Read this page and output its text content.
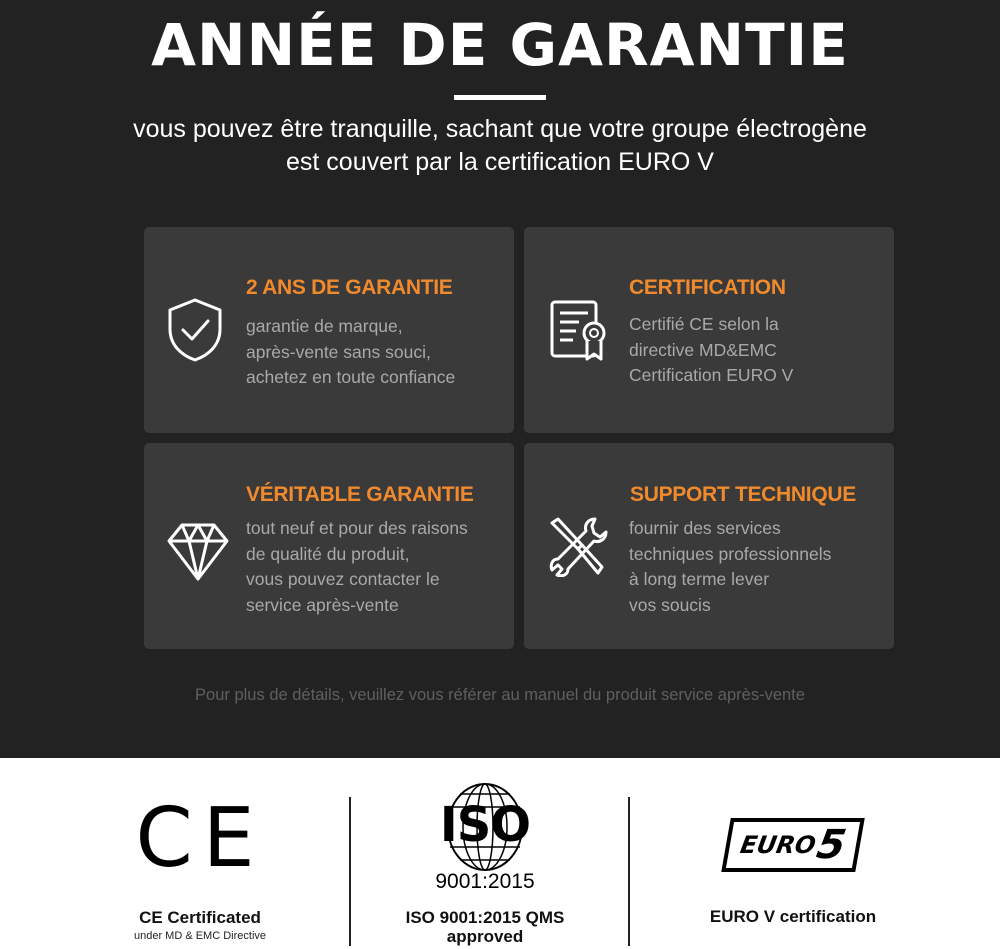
ANNÉE DE GARANTIE

vous pouvez être tranquille, sachant que votre groupe électrogène
est couvert par la certification EURO V

2 ANS DE GARANTIE
garantie de marque,
après-vente sans souci,
achetez en toute confiance
CERTIFICATION
Certifié CE selon la
directive MD&EMC
Certification EURO V
VÉRITABLE GARANTIE
tout neuf et pour des raisons
de qualité du produit,
vous pouvez contacter le
service après-vente
SUPPORT TECHNIQUE
fournir des services
techniques professionnels
à long terme lever
vos soucis

Pour plus de détails, veuillez vous référer au manuel du produit service après-vente

CE
CE Certificated
under MD & EMC Directive
ISO
9001:2015
ISO 9001:2015 QMS
approved
EURO
5
EURO V certification
